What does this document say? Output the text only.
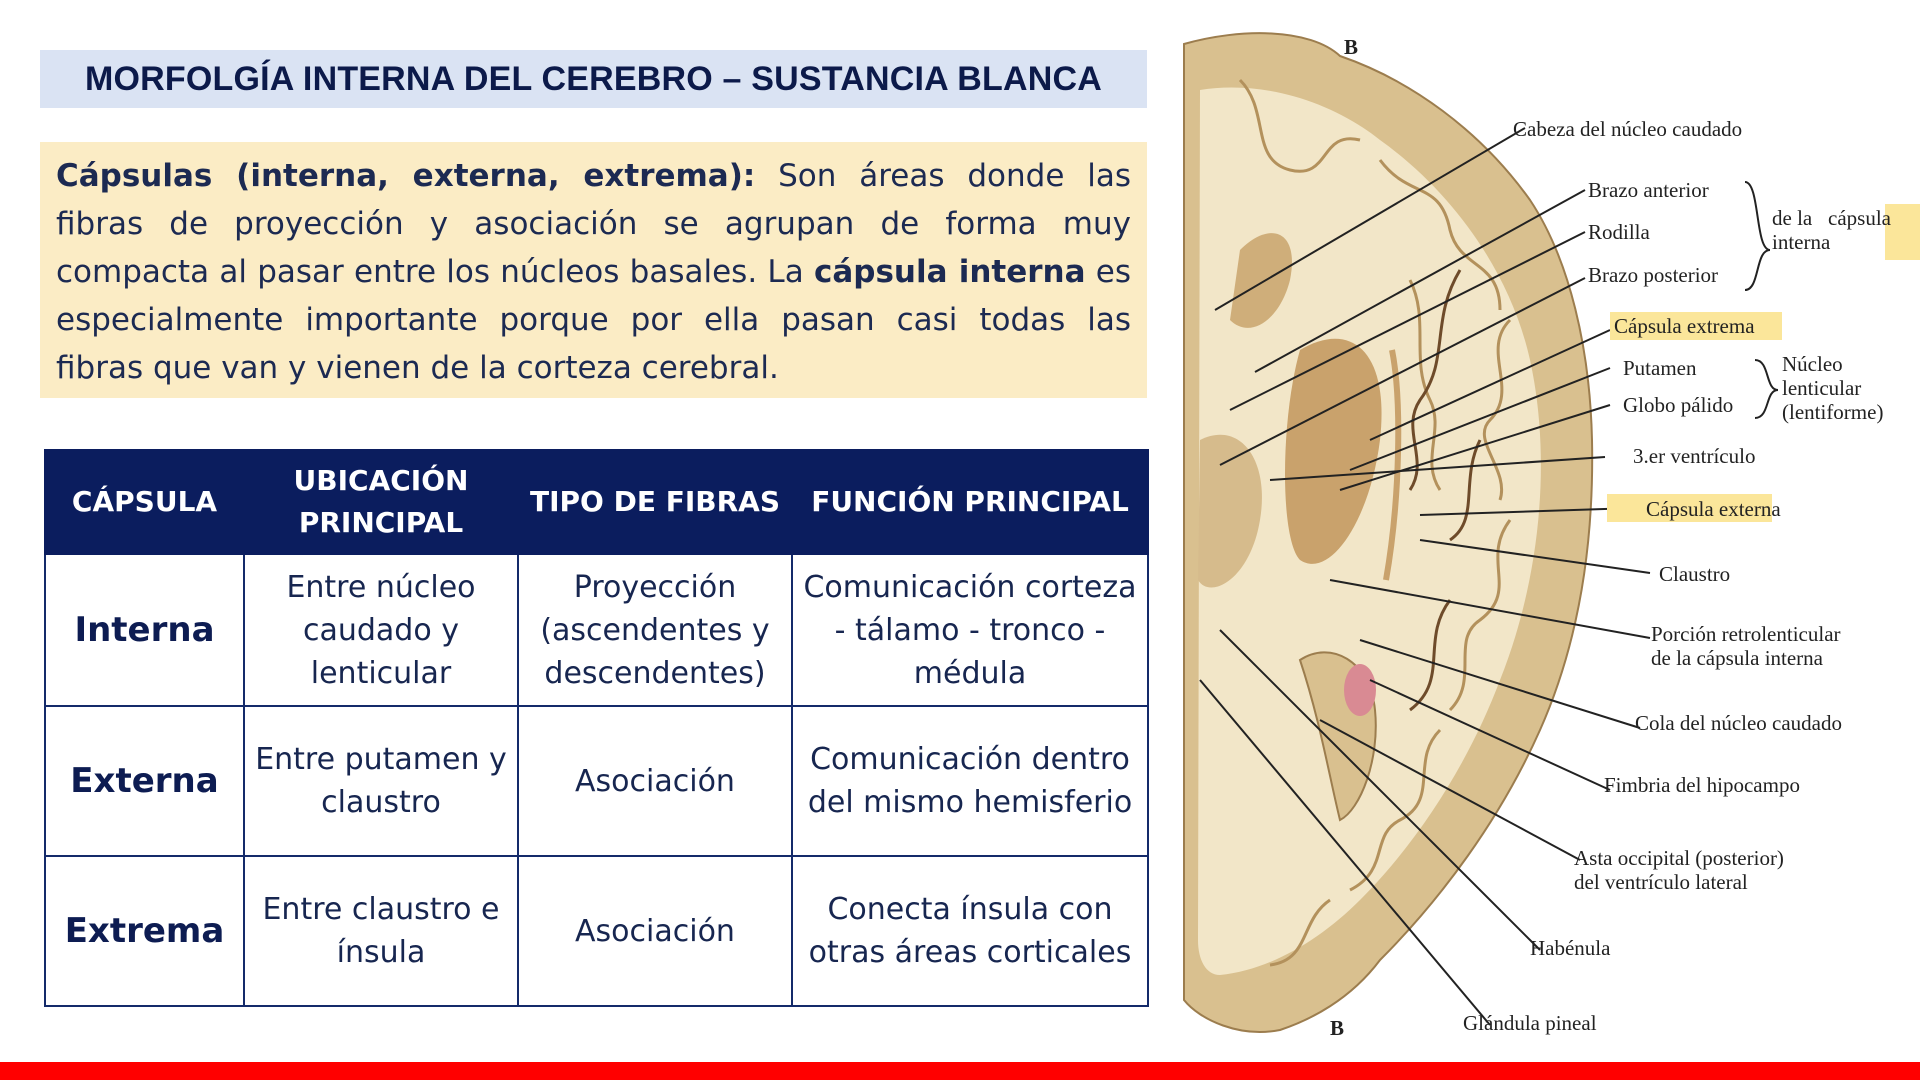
MORFOLGÍA INTERNA DEL CEREBRO – SUSTANCIA BLANCA
Cápsulas (interna, externa, extrema): Son áreas donde las fibras de proyección y asociación se agrupan de forma muy compacta al pasar entre los núcleos basales. La cápsula interna es especialmente importante porque por ella pasan casi todas las fibras que van y vienen de la corteza cerebral.
CÁPSULA	UBICACIÓN PRINCIPAL	TIPO DE FIBRAS	FUNCIÓN PRINCIPAL
Interna	Entre núcleo caudado y lenticular	Proyección (ascendentes y descendentes)	Comunicación corteza - tálamo - tronco - médula
Externa	Entre putamen y claustro	Asociación	Comunicación dentro del mismo hemisferio
Extrema	Entre claustro e ínsula	Asociación	Conecta ínsula con otras áreas corticales
B
B
Cabeza del núcleo caudado
Brazo anterior
Rodilla
Brazo posterior
de la cápsula
interna
Cápsula extrema
Putamen
Globo pálido
Núcleo
lenticular
(lentiforme)
3.er ventrículo
Cápsula externa
Claustro
Porción retrolenticular
de la cápsula interna
Cola del núcleo caudado
Fimbria del hipocampo
Asta occipital (posterior)
del ventrículo lateral
Habénula
Glándula pineal
